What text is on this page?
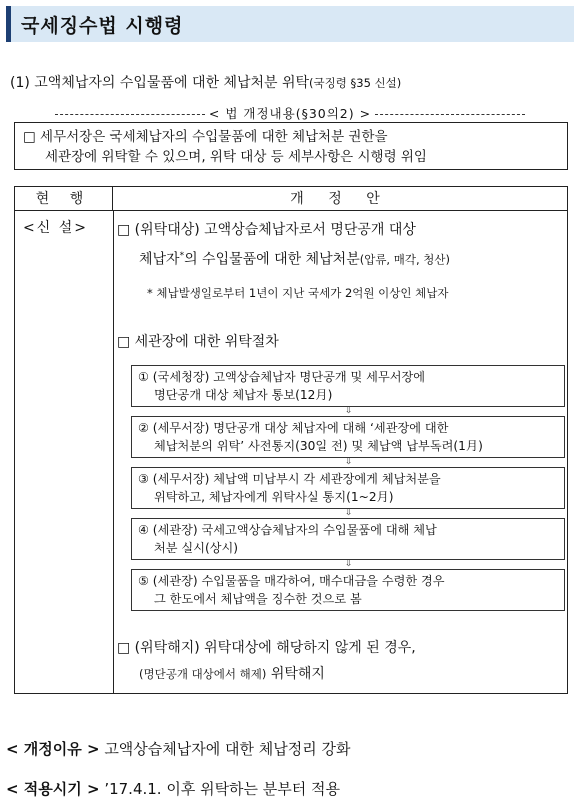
국세징수법 시행령
(1) 고액체납자의 수입물품에 대한 체납처분 위탁(국징령 §35 신설)
< 법 개정내용(§30의2) >
□ 세무서장은 국세체납자의 수입물품에 대한 체납처분 권한을
세관장에 위탁할 수 있으며, 위탁 대상 등 세부사항은 시행령 위임
현 행	개 정 안
<신 설> □ (위탁대상) 고액상습체납자로서 명단공개 대상
체납자*의 수입물품에 대한 체납처분(압류, 매각, 청산)
* 체납발생일로부터 1년이 지난 국세가 2억원 이상인 체납자
□ 세관장에 대한 위탁절차
① (국세청장) 고액상습체납자 명단공개 및 세무서장에
명단공개 대상 체납자 통보(12月)
⇩
② (세무서장) 명단공개 대상 체납자에 대해 ‘세관장에 대한
체납처분의 위탁’ 사전통지(30일 전) 및 체납액 납부독려(1月)
⇩
③ (세무서장) 체납액 미납부시 각 세관장에게 체납처분을
위탁하고, 체납자에게 위탁사실 통지(1~2月)
⇩
④ (세관장) 국세고액상습체납자의 수입물품에 대해 체납
처분 실시(상시)
⇩
⑤ (세관장) 수입물품을 매각하여, 매수대금을 수령한 경우
그 한도에서 체납액을 징수한 것으로 봄
□ (위탁해지) 위탁대상에 해당하지 않게 된 경우,
(명단공개 대상에서 해제) 위탁해지
< 개정이유 > 고액상습체납자에 대한 체납정리 강화
< 적용시기 > ’17.4.1. 이후 위탁하는 분부터 적용
